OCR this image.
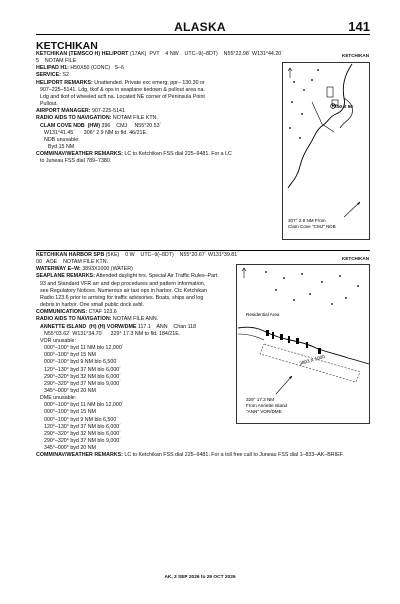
ALASKA	141
KETCHIKAN
KETCHIKAN (TEMSCO H) HELIPORT (17AK)  PVT    4 NW    UTC–9(–8DT)    N55°22.98´ W131°44.20´
5    NOTAM FILE
HELIPAD H1: H50X50 (CONC)   S–6
SERVICE: S2
HELIPORT REMARKS: Unattended. Private exc emerg; ppr– 130.30 or
907–225–5141. Ldg, tkof & ops in seaplane tiedown & pullout area na.
Ldg and tkof of wheeled acft na. Located NE corner of Peninsula Point
Pullout.
AIRPORT MANAGER: 907-225-5141
RADIO AIDS TO NAVIGATION: NOTAM FILE KTN.
CLAM COVE NDB  (HW) 396    CMJ     N55°20.53´
W131°41.45´      306° 2.9 NM to fld. 46/21E.
NDB unusable:
Byd 15 NM
COMM/NAV/WEATHER REMARKS: LC to Ketchikan FSS dial 225–9481. For a LC
to Juneau FSS dial 789–7380.
KETCHIKAN
H1 50 X 50
307° 2.9 NM From
Clam Cove "CMJ" NDB
KETCHIKAN HARBOR SPB (5KE)    0 W    UTC–9(–8DT)    N55°20.67´ W131°39.81´
00   AOE    NOTAM FILE KTN.
WATERWAY E–W: 3893X1000 (WATER)
SEAPLANE REMARKS: Attended daylight hrs. Special Air Traffic Rules–Part
93 and Standard VFR arr and dep procedures and pattern information,
see Regulatory Notices. Numerous air taxi ops in harbor. Ctc Ketchikan
Radio 123.6 prior to arriving for traffic advisories. Boats, ships and log
debris in harbor. One small public dock avbl.
COMMUNICATIONS: CTAF 123.6
RADIO AIDS TO NAVIGATION: NOTAM FILE ANN.
ANNETTE ISLAND  (H) (H) VORW/DME 117.1    ANN    Chan 118
N55°03.62´ W131°34.70´     329° 17.3 NM to fld. 184/21E.
VOR unusable:
000°–100° byd 11 NM blo 12,000´
000°–100° byd 15 NM
000°–100° byd 9 NM blo 6,500´
120°–130° byd 37 NM blo 6,000´
290°–320° byd 32 NM blo 6,000´
290°–320° byd 37 NM blo 9,000´
345°–000° byd 20 NM
DME unusable:
000°–100° byd 11 NM blo 12,000´
000°–100° byd 15 NM
000°–100° byd 9 NM blo 6,500´
120°–130° byd 37 NM blo 6,000´
290°–320° byd 32 NM blo 6,000´
290°–320° byd 37 NM blo 9,000´
345°–000° byd 20 NM
COMM/NAV/WEATHER REMARKS: LC to Ketchikan FSS dial 225–9481. For a toll free call to Juneau FSS dial 1–833–AK–BRIEF.
KETCHIKAN
Residential Area
3893 X 1000
329° 17.3 NM
From Annette Island
"ANN" VOR/DME
AK, 3 SEP 2026 to 29 OCT 2026
